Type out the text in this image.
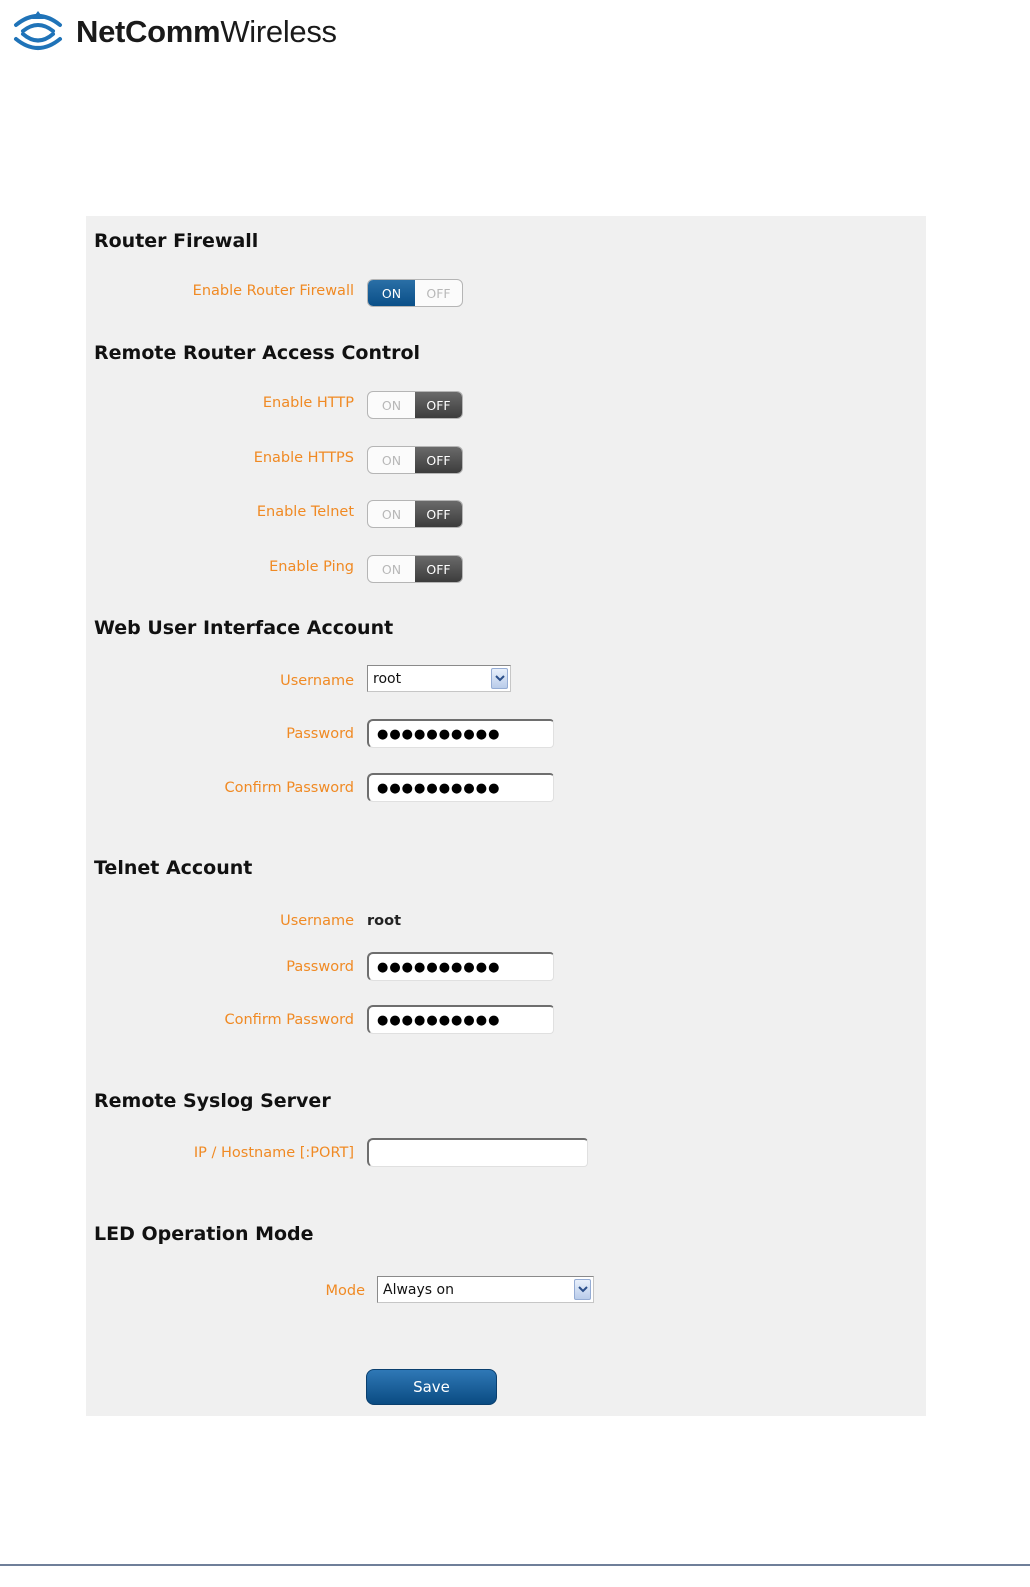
NetCommWireless
Router Firewall
Enable Router Firewall	ON	OFF
Remote Router Access Control
Enable HTTP	ON	OFF
Enable HTTPS	ON	OFF
Enable Telnet	ON	OFF
Enable Ping	ON	OFF
Web User Interface Account
Username	root
Password	●●●●●●●●●●
Confirm Password	●●●●●●●●●●
Telnet Account
Username root
Password	●●●●●●●●●●
Confirm Password	●●●●●●●●●●
Remote Syslog Server
IP / Hostname [:PORT]
LED Operation Mode
Mode	Always on
Save
